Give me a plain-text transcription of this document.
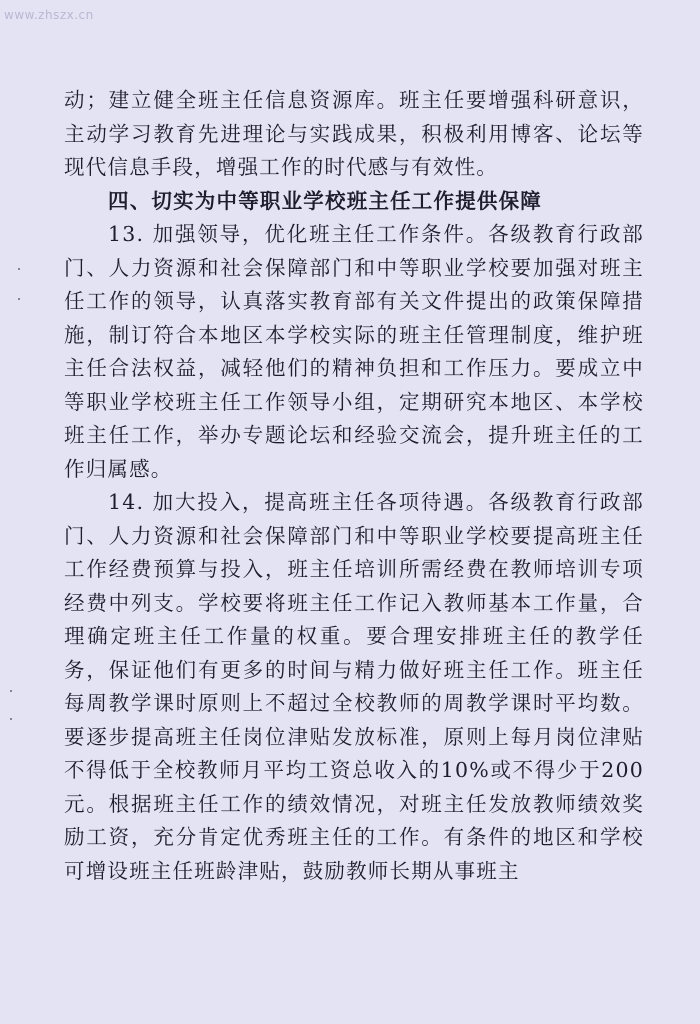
www.zhszx.cn

动；建立健全班主任信息资源库。班主任要增强科研意识，主动学习教育先进理论与实践成果，积极利用博客、论坛等现代信息手段，增强工作的时代感与有效性。

四、切实为中等职业学校班主任工作提供保障

13. 加强领导，优化班主任工作条件。各级教育行政部门、人力资源和社会保障部门和中等职业学校要加强对班主任工作的领导，认真落实教育部有关文件提出的政策保障措施，制订符合本地区本学校实际的班主任管理制度，维护班主任合法权益，减轻他们的精神负担和工作压力。要成立中等职业学校班主任工作领导小组，定期研究本地区、本学校班主任工作，举办专题论坛和经验交流会，提升班主任的工作归属感。

14. 加大投入，提高班主任各项待遇。各级教育行政部门、人力资源和社会保障部门和中等职业学校要提高班主任工作经费预算与投入，班主任培训所需经费在教师培训专项经费中列支。学校要将班主任工作记入教师基本工作量，合理确定班主任工作量的权重。要合理安排班主任的教学任务，保证他们有更多的时间与精力做好班主任工作。班主任每周教学课时原则上不超过全校教师的周教学课时平均数。要逐步提高班主任岗位津贴发放标准，原则上每月岗位津贴不得低于全校教师月平均工资总收入的10%或不得少于200元。根据班主任工作的绩效情况，对班主任发放教师绩效奖励工资，充分肯定优秀班主任的工作。有条件的地区和学校可增设班主任班龄津贴，鼓励教师长期从事班主
